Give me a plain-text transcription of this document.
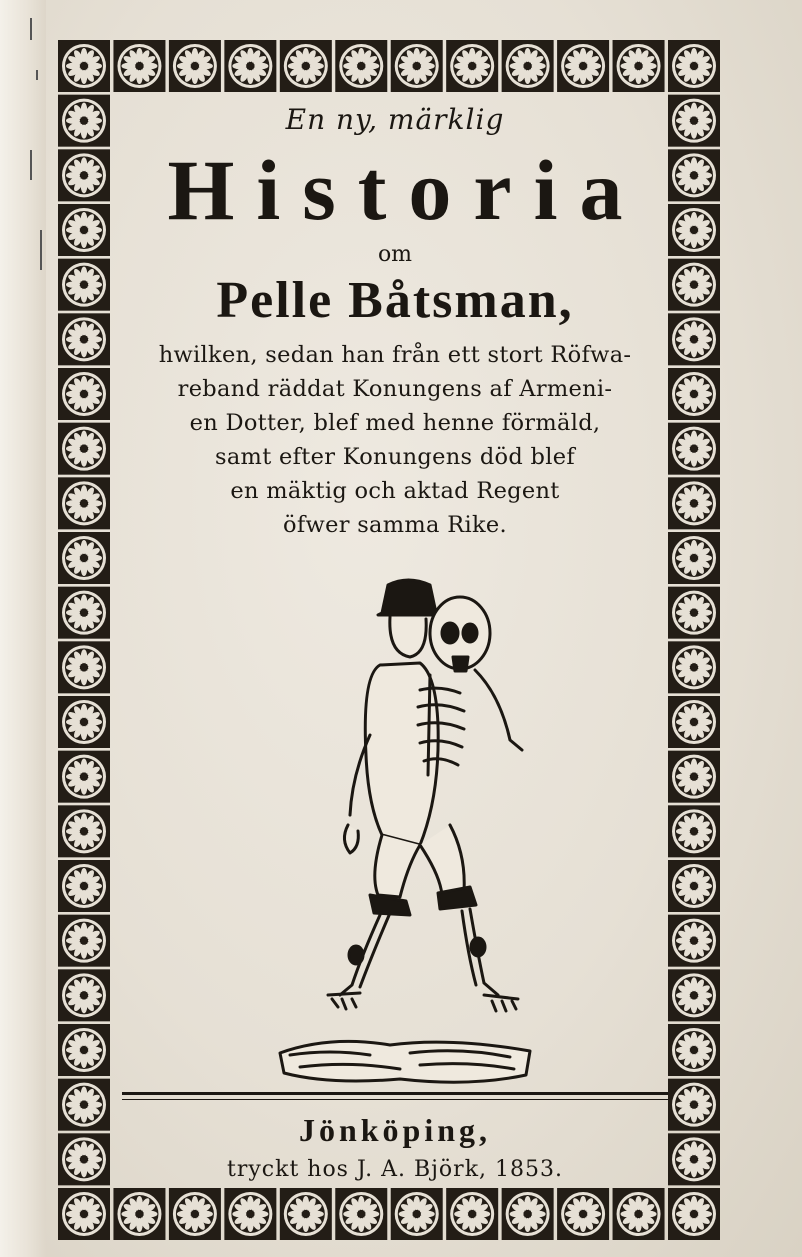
En ny, märklig
Historia
om
Pelle Båtsman,
hwilken, sedan han från ett stort Röfwa-
reband räddat Konungens af Armeni-
en Dotter, blef med henne förmäld,
samt efter Konungens död blef
en mäktig och aktad Regent
öfwer samma Rike.
Jönköping,
tryckt hos J. A. Björk, 1853.
